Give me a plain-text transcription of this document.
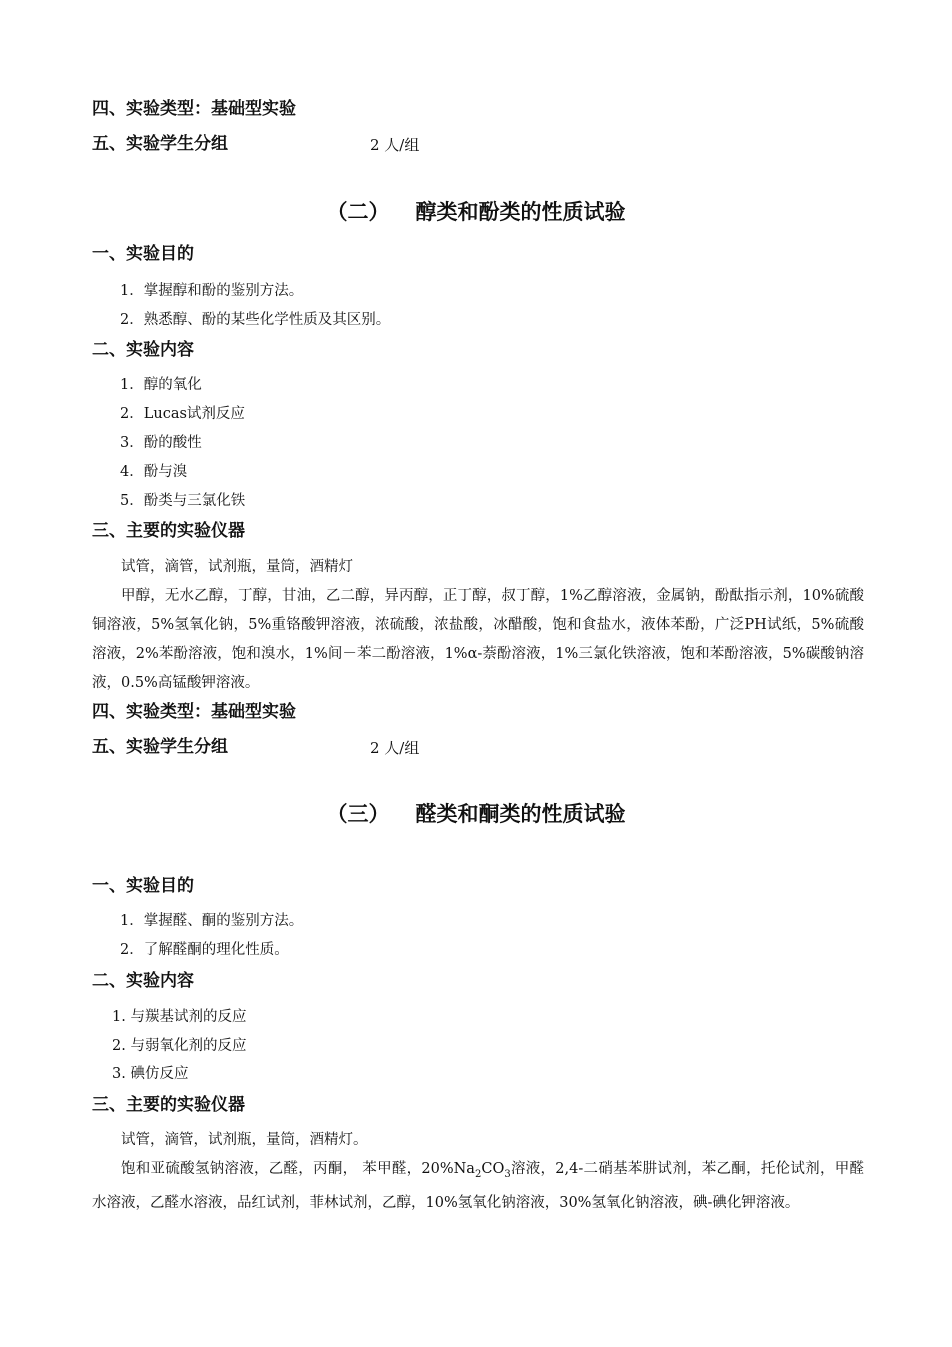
四、实验类型：基础型实验
五、实验学生分组	2 人/组
（二） 醇类和酚类的性质试验
一、实验目的
1．掌握醇和酚的鉴别方法。
2．熟悉醇、酚的某些化学性质及其区别。
二、实验内容
1．醇的氧化
2．Lucas试剂反应
3．酚的酸性
4．酚与溴
5．酚类与三氯化铁
三、主要的实验仪器
试管，滴管，试剂瓶，量筒，酒精灯
甲醇，无水乙醇，丁醇，甘油，乙二醇，异丙醇，正丁醇，叔丁醇，1%乙醇溶液，金属钠，酚酞指示剂，10%硫酸铜溶液，5%氢氧化钠，5%重铬酸钾溶液，浓硫酸，浓盐酸，冰醋酸，饱和食盐水，液体苯酚，广泛PH试纸，5%硫酸溶液，2%苯酚溶液，饱和溴水，1%间－苯二酚溶液，1%α-萘酚溶液，1%三氯化铁溶液，饱和苯酚溶液，5%碳酸钠溶液，0.5%高锰酸钾溶液。
四、实验类型：基础型实验
五、实验学生分组	2 人/组
（三） 醛类和酮类的性质试验
一、实验目的
1．掌握醛、酮的鉴别方法。
2．了解醛酮的理化性质。
二、实验内容
1. 与羰基试剂的反应
2. 与弱氧化剂的反应
3. 碘仿反应
三、主要的实验仪器
试管，滴管，试剂瓶，量筒，酒精灯。
饱和亚硫酸氢钠溶液，乙醛，丙酮， 苯甲醛，$20\%Na_2CO_3$溶液，2,4-二硝基苯肼试剂，苯乙酮，托伦试剂，甲醛水溶液，乙醛水溶液，品红试剂，菲林试剂，乙醇，10%氢氧化钠溶液，30%氢氧化钠溶液，碘-碘化钾溶液。
